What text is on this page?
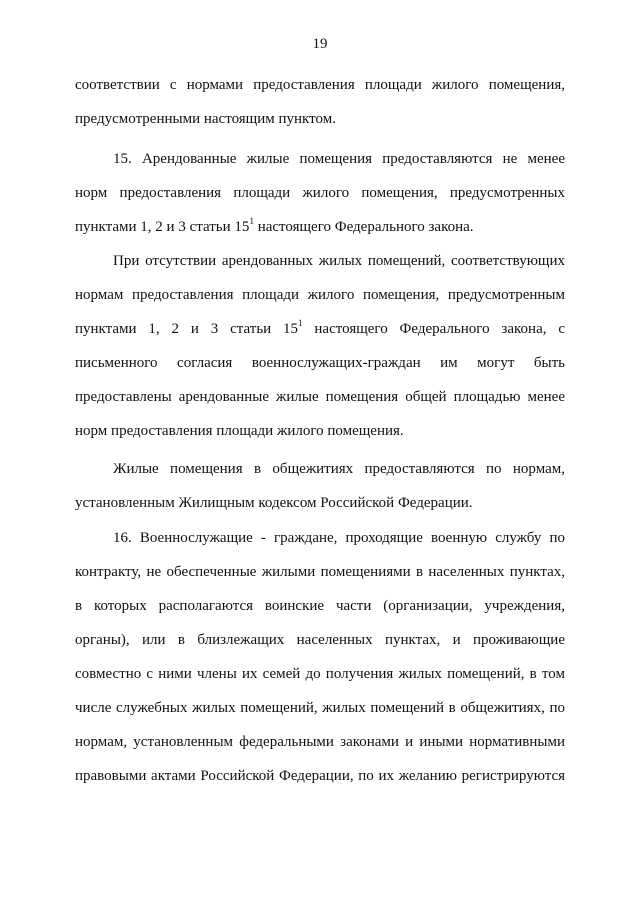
19
соответствии с нормами предоставления площади жилого помещения,
предусмотренными настоящим пунктом.
15. Арендованные жилые помещения предоставляются не менее
норм предоставления площади жилого помещения, предусмотренных
пунктами 1, 2 и 3 статьи $15^1$ настоящего Федерального закона.
При отсутствии арендованных жилых помещений, соответствующих
нормам предоставления площади жилого помещения, предусмотренным
пунктами 1, 2 и 3 статьи $15^1$ настоящего Федерального закона, с
письменного согласия военнослужащих-граждан им могут быть
предоставлены арендованные жилые помещения общей площадью менее
норм предоставления площади жилого помещения.
Жилые помещения в общежитиях предоставляются по нормам,
установленным Жилищным кодексом Российской Федерации.
16. Военнослужащие - граждане, проходящие военную службу по
контракту, не обеспеченные жилыми помещениями в населенных пунктах,
в которых располагаются воинские части (организации, учреждения,
органы), или в близлежащих населенных пунктах, и проживающие
совместно с ними члены их семей до получения жилых помещений, в том
числе служебных жилых помещений, жилых помещений в общежитиях, по
нормам, установленным федеральными законами и иными нормативными
правовыми актами Российской Федерации, по их желанию регистрируются
